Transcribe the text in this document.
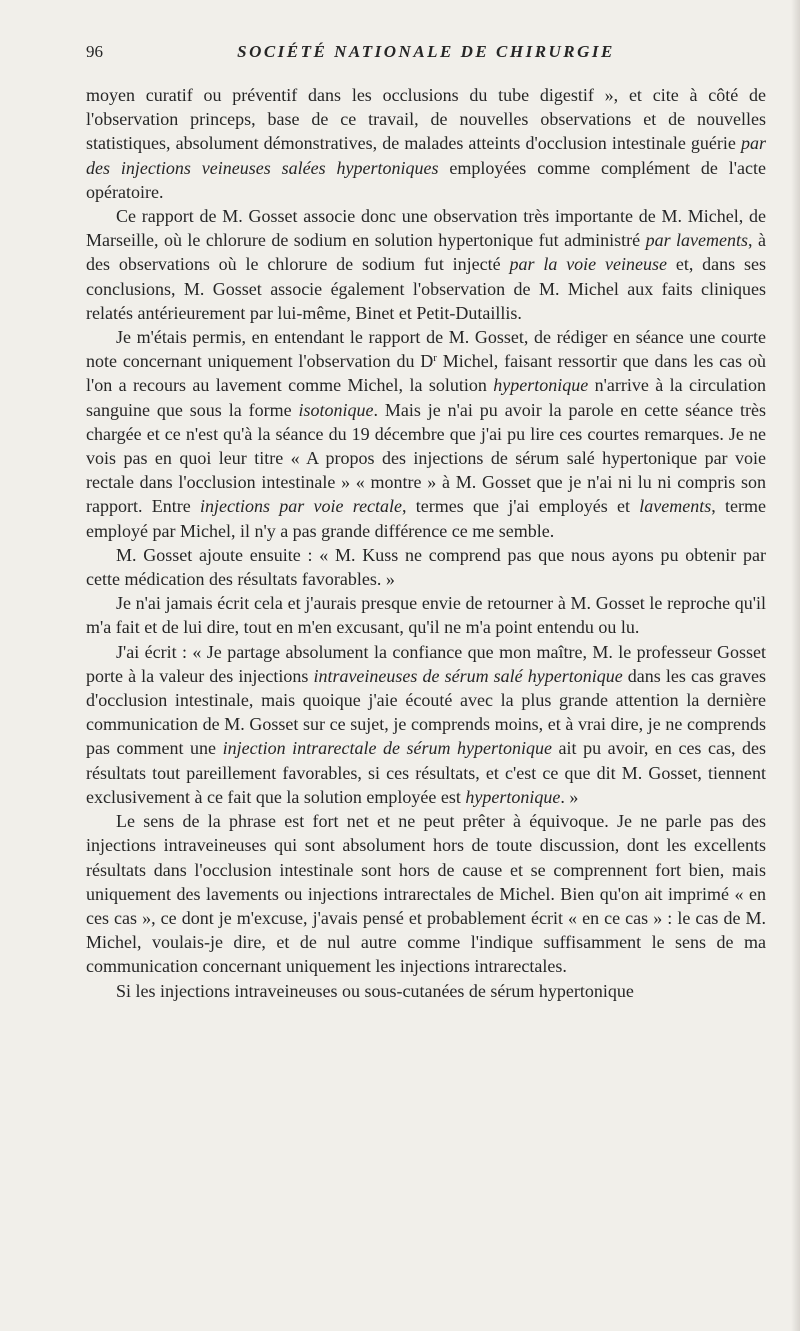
96	SOCIÉTÉ NATIONALE DE CHIRURGIE

moyen curatif ou préventif dans les occlusions du tube digestif », et cite à côté de l'observation princeps, base de ce travail, de nouvelles observations et de nouvelles statistiques, absolument démonstratives, de malades atteints d'occlusion intestinale guérie par des injections veineuses salées hypertoniques employées comme complément de l'acte opératoire.

Ce rapport de M. Gosset associe donc une observation très importante de M. Michel, de Marseille, où le chlorure de sodium en solution hypertonique fut administré par lavements, à des observations où le chlorure de sodium fut injecté par la voie veineuse et, dans ses conclusions, M. Gosset associe également l'observation de M. Michel aux faits cliniques relatés antérieurement par lui-même, Binet et Petit-Dutaillis.

Je m'étais permis, en entendant le rapport de M. Gosset, de rédiger en séance une courte note concernant uniquement l'observation du $D^r$ Michel, faisant ressortir que dans les cas où l'on a recours au lavement comme Michel, la solution hypertonique n'arrive à la circulation sanguine que sous la forme isotonique. Mais je n'ai pu avoir la parole en cette séance très chargée et ce n'est qu'à la séance du 19 décembre que j'ai pu lire ces courtes remarques. Je ne vois pas en quoi leur titre « A propos des injections de sérum salé hypertonique par voie rectale dans l'occlusion intestinale » « montre » à M. Gosset que je n'ai ni lu ni compris son rapport. Entre injections par voie rectale, termes que j'ai employés et lavements, terme employé par Michel, il n'y a pas grande différence ce me semble.

M. Gosset ajoute ensuite : « M. Kuss ne comprend pas que nous ayons pu obtenir par cette médication des résultats favorables. »

Je n'ai jamais écrit cela et j'aurais presque envie de retourner à M. Gosset le reproche qu'il m'a fait et de lui dire, tout en m'en excusant, qu'il ne m'a point entendu ou lu.

J'ai écrit : « Je partage absolument la confiance que mon maître, M. le professeur Gosset porte à la valeur des injections intraveineuses de sérum salé hypertonique dans les cas graves d'occlusion intestinale, mais quoique j'aie écouté avec la plus grande attention la dernière communication de M. Gosset sur ce sujet, je comprends moins, et à vrai dire, je ne comprends pas comment une injection intrarectale de sérum hypertonique ait pu avoir, en ces cas, des résultats tout pareillement favorables, si ces résultats, et c'est ce que dit M. Gosset, tiennent exclusivement à ce fait que la solution employée est hypertonique. »

Le sens de la phrase est fort net et ne peut prêter à équivoque. Je ne parle pas des injections intraveineuses qui sont absolument hors de toute discussion, dont les excellents résultats dans l'occlusion intestinale sont hors de cause et se comprennent fort bien, mais uniquement des lavements ou injections intrarectales de Michel. Bien qu'on ait imprimé « en ces cas », ce dont je m'excuse, j'avais pensé et probablement écrit « en ce cas » : le cas de M. Michel, voulais-je dire, et de nul autre comme l'indique suffisamment le sens de ma communication concernant uniquement les injections intrarectales.

Si les injections intraveineuses ou sous-cutanées de sérum hypertonique
